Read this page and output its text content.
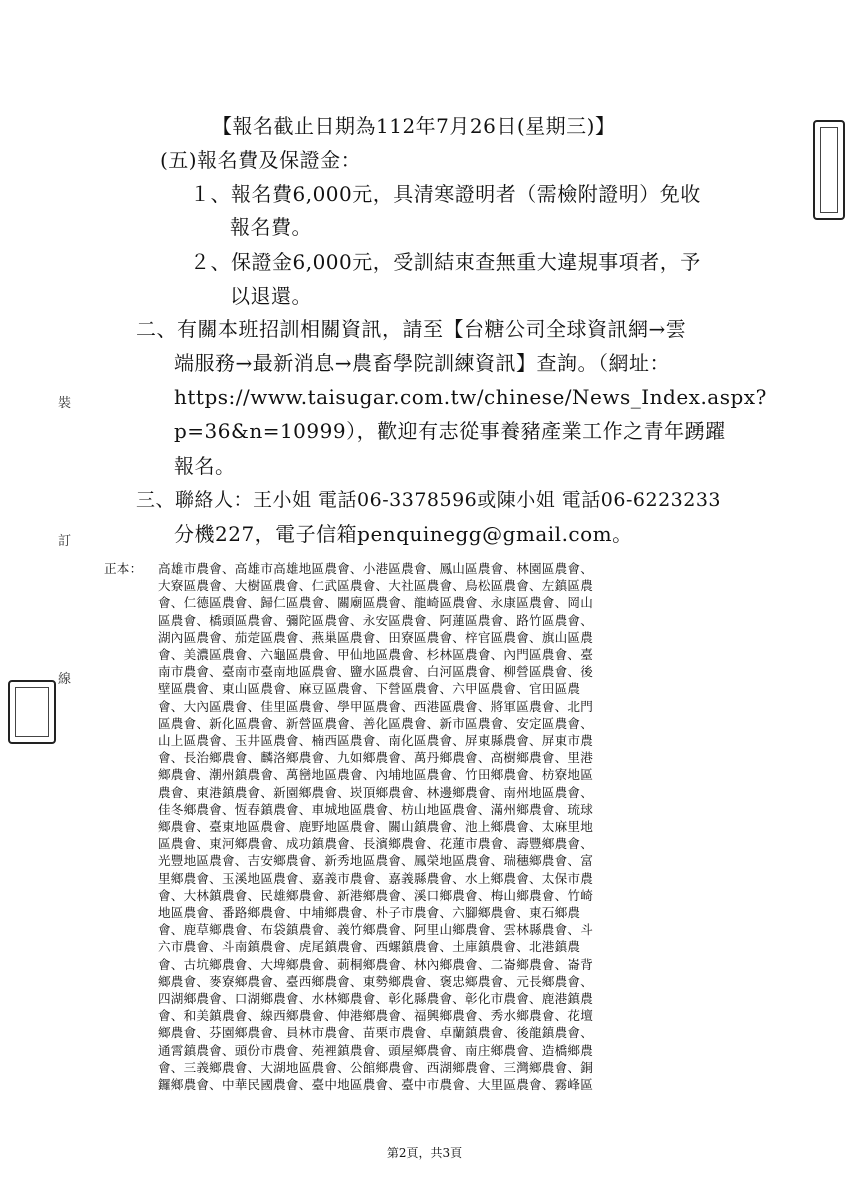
裝
訂
線
【報名截止日期為112年7月26日(星期三)】
(五)報名費及保證金：
１、報名費6,000元，具清寒證明者（需檢附證明）免收
報名費。
２、保證金6,000元，受訓結束查無重大違規事項者，予
以退還。
二、有關本班招訓相關資訊，請至【台糖公司全球資訊網→雲
端服務→最新消息→農畜學院訓練資訊】查詢。（網址：
https://www.taisugar.com.tw/chinese/News_Index.aspx?
p=36&n=10999），歡迎有志從事養豬產業工作之青年踴躍
報名。
三、聯絡人：王小姐 電話06-3378596或陳小姐 電話06-6223233
分機227，電子信箱penquinegg@gmail.com。
正本： 高雄市農會、高雄市高雄地區農會、小港區農會、鳳山區農會、林園區農會、
大寮區農會、大樹區農會、仁武區農會、大社區農會、鳥松區農會、左鎮區農
會、仁德區農會、歸仁區農會、關廟區農會、龍崎區農會、永康區農會、岡山
區農會、橋頭區農會、彌陀區農會、永安區農會、阿蓮區農會、路竹區農會、
湖內區農會、茄萣區農會、燕巢區農會、田寮區農會、梓官區農會、旗山區農
會、美濃區農會、六龜區農會、甲仙地區農會、杉林區農會、內門區農會、臺
南市農會、臺南市臺南地區農會、鹽水區農會、白河區農會、柳營區農會、後
壁區農會、東山區農會、麻豆區農會、下營區農會、六甲區農會、官田區農
會、大內區農會、佳里區農會、學甲區農會、西港區農會、將軍區農會、北門
區農會、新化區農會、新營區農會、善化區農會、新市區農會、安定區農會、
山上區農會、玉井區農會、楠西區農會、南化區農會、屏東縣農會、屏東市農
會、長治鄉農會、麟洛鄉農會、九如鄉農會、萬丹鄉農會、高樹鄉農會、里港
鄉農會、潮州鎮農會、萬巒地區農會、內埔地區農會、竹田鄉農會、枋寮地區
農會、東港鎮農會、新園鄉農會、崁頂鄉農會、林邊鄉農會、南州地區農會、
佳冬鄉農會、恆春鎮農會、車城地區農會、枋山地區農會、滿州鄉農會、琉球
鄉農會、臺東地區農會、鹿野地區農會、關山鎮農會、池上鄉農會、太麻里地
區農會、東河鄉農會、成功鎮農會、長濱鄉農會、花蓮市農會、壽豐鄉農會、
光豐地區農會、吉安鄉農會、新秀地區農會、鳳榮地區農會、瑞穗鄉農會、富
里鄉農會、玉溪地區農會、嘉義市農會、嘉義縣農會、水上鄉農會、太保市農
會、大林鎮農會、民雄鄉農會、新港鄉農會、溪口鄉農會、梅山鄉農會、竹崎
地區農會、番路鄉農會、中埔鄉農會、朴子市農會、六腳鄉農會、東石鄉農
會、鹿草鄉農會、布袋鎮農會、義竹鄉農會、阿里山鄉農會、雲林縣農會、斗
六市農會、斗南鎮農會、虎尾鎮農會、西螺鎮農會、土庫鎮農會、北港鎮農
會、古坑鄉農會、大埤鄉農會、莿桐鄉農會、林內鄉農會、二崙鄉農會、崙背
鄉農會、麥寮鄉農會、臺西鄉農會、東勢鄉農會、褒忠鄉農會、元長鄉農會、
四湖鄉農會、口湖鄉農會、水林鄉農會、彰化縣農會、彰化市農會、鹿港鎮農
會、和美鎮農會、線西鄉農會、伸港鄉農會、福興鄉農會、秀水鄉農會、花壇
鄉農會、芬園鄉農會、員林市農會、苗栗市農會、卓蘭鎮農會、後龍鎮農會、
通霄鎮農會、頭份市農會、苑裡鎮農會、頭屋鄉農會、南庄鄉農會、造橋鄉農
會、三義鄉農會、大湖地區農會、公館鄉農會、西湖鄉農會、三灣鄉農會、銅
鑼鄉農會、中華民國農會、臺中地區農會、臺中市農會、大里區農會、霧峰區
第2頁，共3頁
